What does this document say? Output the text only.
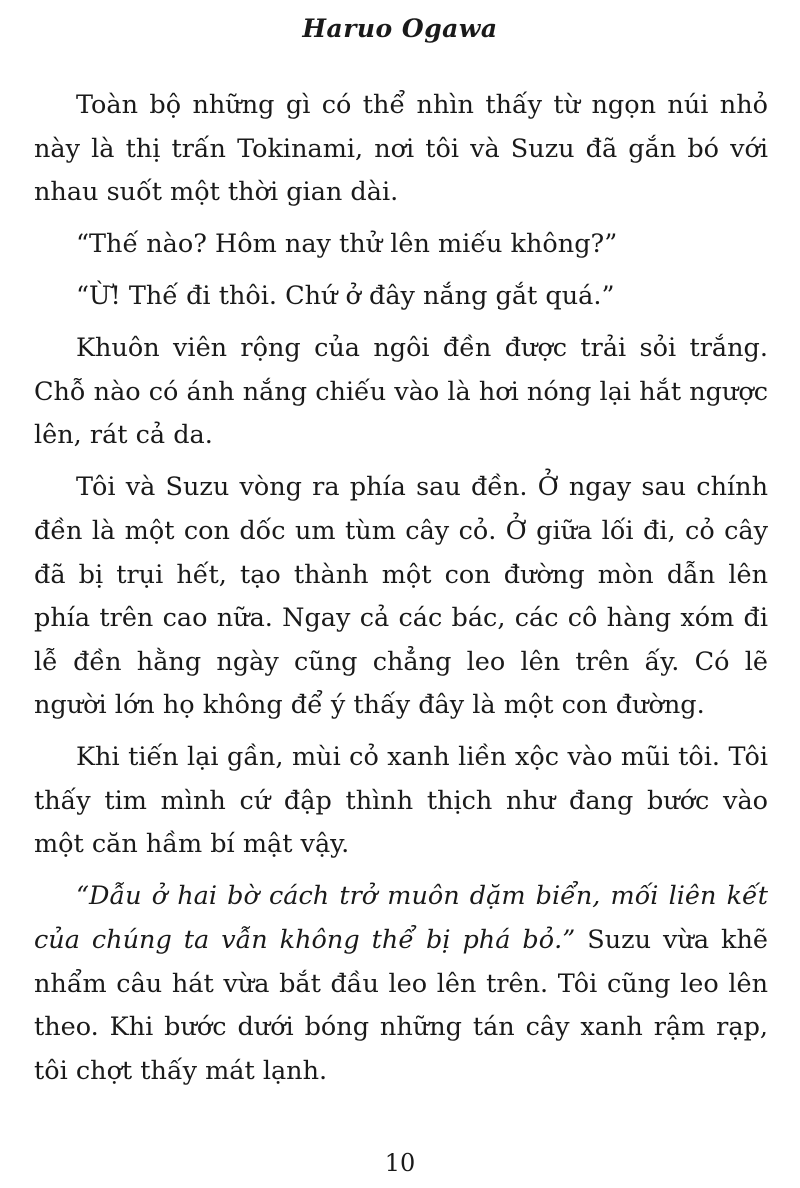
Haruo Ogawa

Toàn bộ những gì có thể nhìn thấy từ ngọn núi nhỏ này là thị trấn Tokinami, nơi tôi và Suzu đã gắn bó với nhau suốt một thời gian dài.

“Thế nào? Hôm nay thử lên miếu không?”

“Ừ! Thế đi thôi. Chứ ở đây nắng gắt quá.”

Khuôn viên rộng của ngôi đền được trải sỏi trắng. Chỗ nào có ánh nắng chiếu vào là hơi nóng lại hắt ngược lên, rát cả da.

Tôi và Suzu vòng ra phía sau đền. Ở ngay sau chính đền là một con dốc um tùm cây cỏ. Ở giữa lối đi, cỏ cây đã bị trụi hết, tạo thành một con đường mòn dẫn lên phía trên cao nữa. Ngay cả các bác, các cô hàng xóm đi lễ đền hằng ngày cũng chẳng leo lên trên ấy. Có lẽ người lớn họ không để ý thấy đây là một con đường.

Khi tiến lại gần, mùi cỏ xanh liền xộc vào mũi tôi. Tôi thấy tim mình cứ đập thình thịch như đang bước vào một căn hầm bí mật vậy.

“Dẫu ở hai bờ cách trở muôn dặm biển, mối liên kết của chúng ta vẫn không thể bị phá bỏ.” Suzu vừa khẽ nhẩm câu hát vừa bắt đầu leo lên trên. Tôi cũng leo lên theo. Khi bước dưới bóng những tán cây xanh rậm rạp, tôi chợt thấy mát lạnh.

10
